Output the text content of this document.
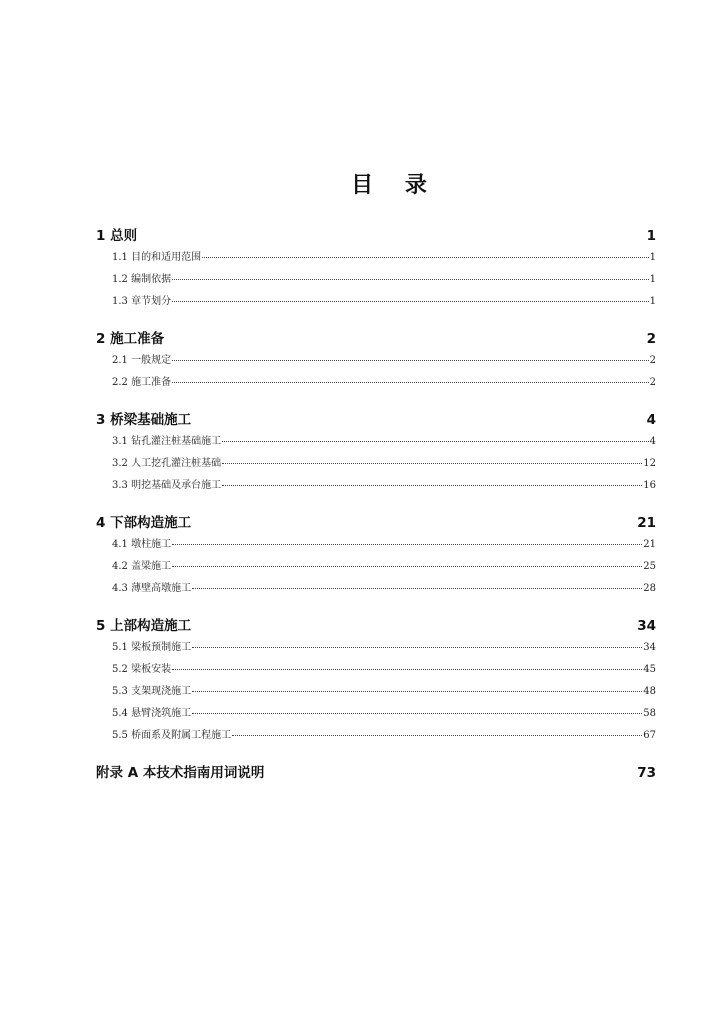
目 录
1 总则	1
1.1 目的和适用范围	1
1.2 编制依据	1
1.3 章节划分	1
2 施工准备	2
2.1 一般规定	2
2.2 施工准备	2
3 桥梁基础施工	4
3.1 钻孔灌注桩基础施工	4
3.2 人工挖孔灌注桩基础	12
3.3 明挖基础及承台施工	16
4 下部构造施工	21
4.1 墩柱施工	21
4.2 盖梁施工	25
4.3 薄壁高墩施工	28
5 上部构造施工	34
5.1 梁板预制施工	34
5.2 梁板安装	45
5.3 支架现浇施工	48
5.4 悬臂浇筑施工	58
5.5 桥面系及附属工程施工	67
附录 A 本技术指南用词说明	73
